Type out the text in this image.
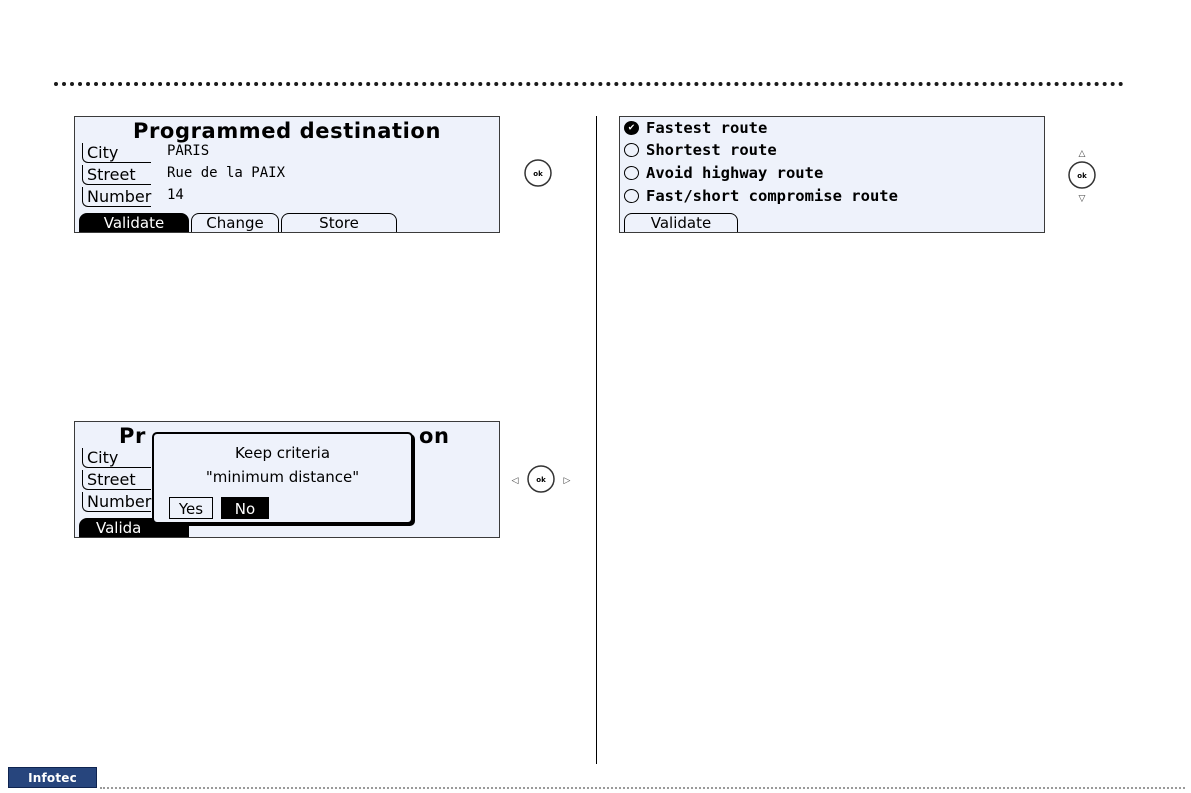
Programmed destination
City	PARIS
Street	Rue de la PAIX
Number 14
Validate	Change	Store
ok
✔ Fastest route
Shortest route
Avoid highway route
Fast/short compromise route
Validate
△
ok
▽
Pr	on
City
Street
Number
Valida
Keep criteria
"minimum distance"
Yes	No
◁	ok ▷
Infotec
